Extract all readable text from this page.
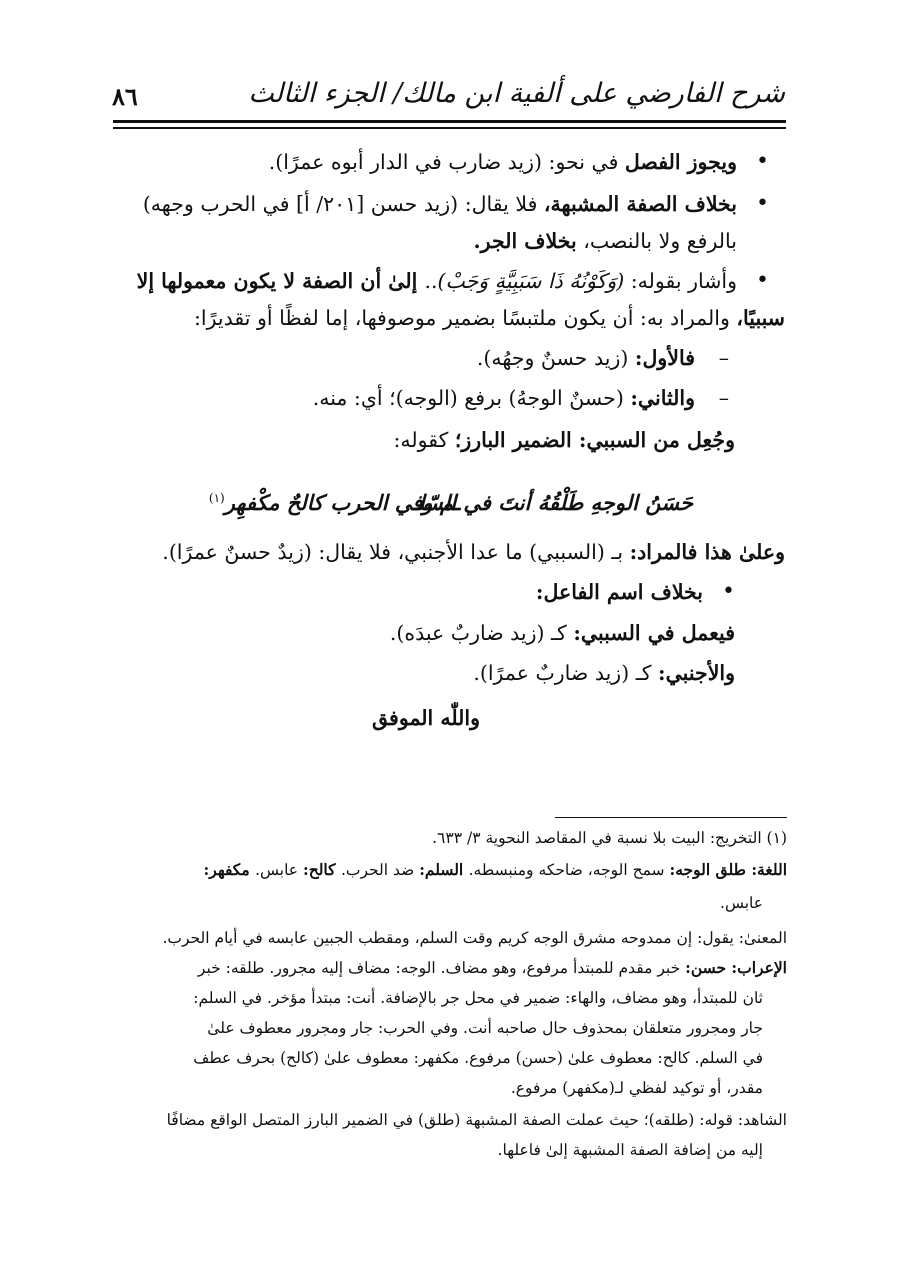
شرح الفارضي على ألفية ابن مالك/ الجزء الثالث
٨٦
• ويجوز الفصل في نحو: (زيد ضارب في الدار أبوه عمرًا).
• بخلاف الصفة المشبهة، فلا يقال: (زيد حسن [٢٠١/ أ] في الحرب وجهه)
بالرفع ولا بالنصب، بخلاف الجر.
• وأشار بقوله: (وَكَوْنُهُ ذَا سَبَبِيَّةٍ وَجَبْ).. إلىٰ أن الصفة لا يكون معمولها إلا
سببيًا، والمراد به: أن يكون ملتبسًا بضمير موصوفها، إما لفظًا أو تقديرًا:
– فالأول: (زيد حسنٌ وجهُه).
– والثاني: (حسنٌ الوجهُ) برفع (الوجه)؛ أي: منه.
وجُعِل من السببي: الضمير البارز؛ كقوله:
حَسَنُ الوجهِ طَلْقُهُ أنتَ في السّلـ
ـم وفي الحرب كالحٌ مكْفهِر$^{(١)}$
وعلىٰ هذا فالمراد: بـ (السببي) ما عدا الأجنبي، فلا يقال: (زيدٌ حسنٌ عمرًا).
• بخلاف اسم الفاعل:
فيعمل في السببي: كـ (زيد ضاربٌ عبدَه).
والأجنبي: كـ (زيد ضاربٌ عمرًا).
واللّٰه الموفق
(١) التخريج: البيت بلا نسبة في المقاصد النحوية ٣/ ٦٣٣.
اللغة: طلق الوجه: سمح الوجه، ضاحكه ومنبسطه. السلم: ضد الحرب. كالح: عابس. مكفهر:
عابس.
المعنىٰ: يقول: إن ممدوحه مشرق الوجه كريم وقت السلم، ومقطب الجبين عابسه في أيام الحرب.
الإعراب: حسن: خبر مقدم للمبتدأ مرفوع، وهو مضاف. الوجه: مضاف إليه مجرور. طلقه: خبر
ثان للمبتدأ، وهو مضاف، والهاء: ضمير في محل جر بالإضافة. أنت: مبتدأ مؤخر. في السلم:
جار ومجرور متعلقان بمحذوف حال صاحبه أنت. وفي الحرب: جار ومجرور معطوف علىٰ
في السلم. كالح: معطوف علىٰ (حسن) مرفوع. مكفهر: معطوف علىٰ (كالح) بحرف عطف
مقدر، أو توكيد لفظي لـ(مكفهر) مرفوع.
الشاهد: قوله: (طلقه)؛ حيث عملت الصفة المشبهة (طلق) في الضمير البارز المتصل الواقع مضافًا
إليه من إضافة الصفة المشبهة إلىٰ فاعلها.
